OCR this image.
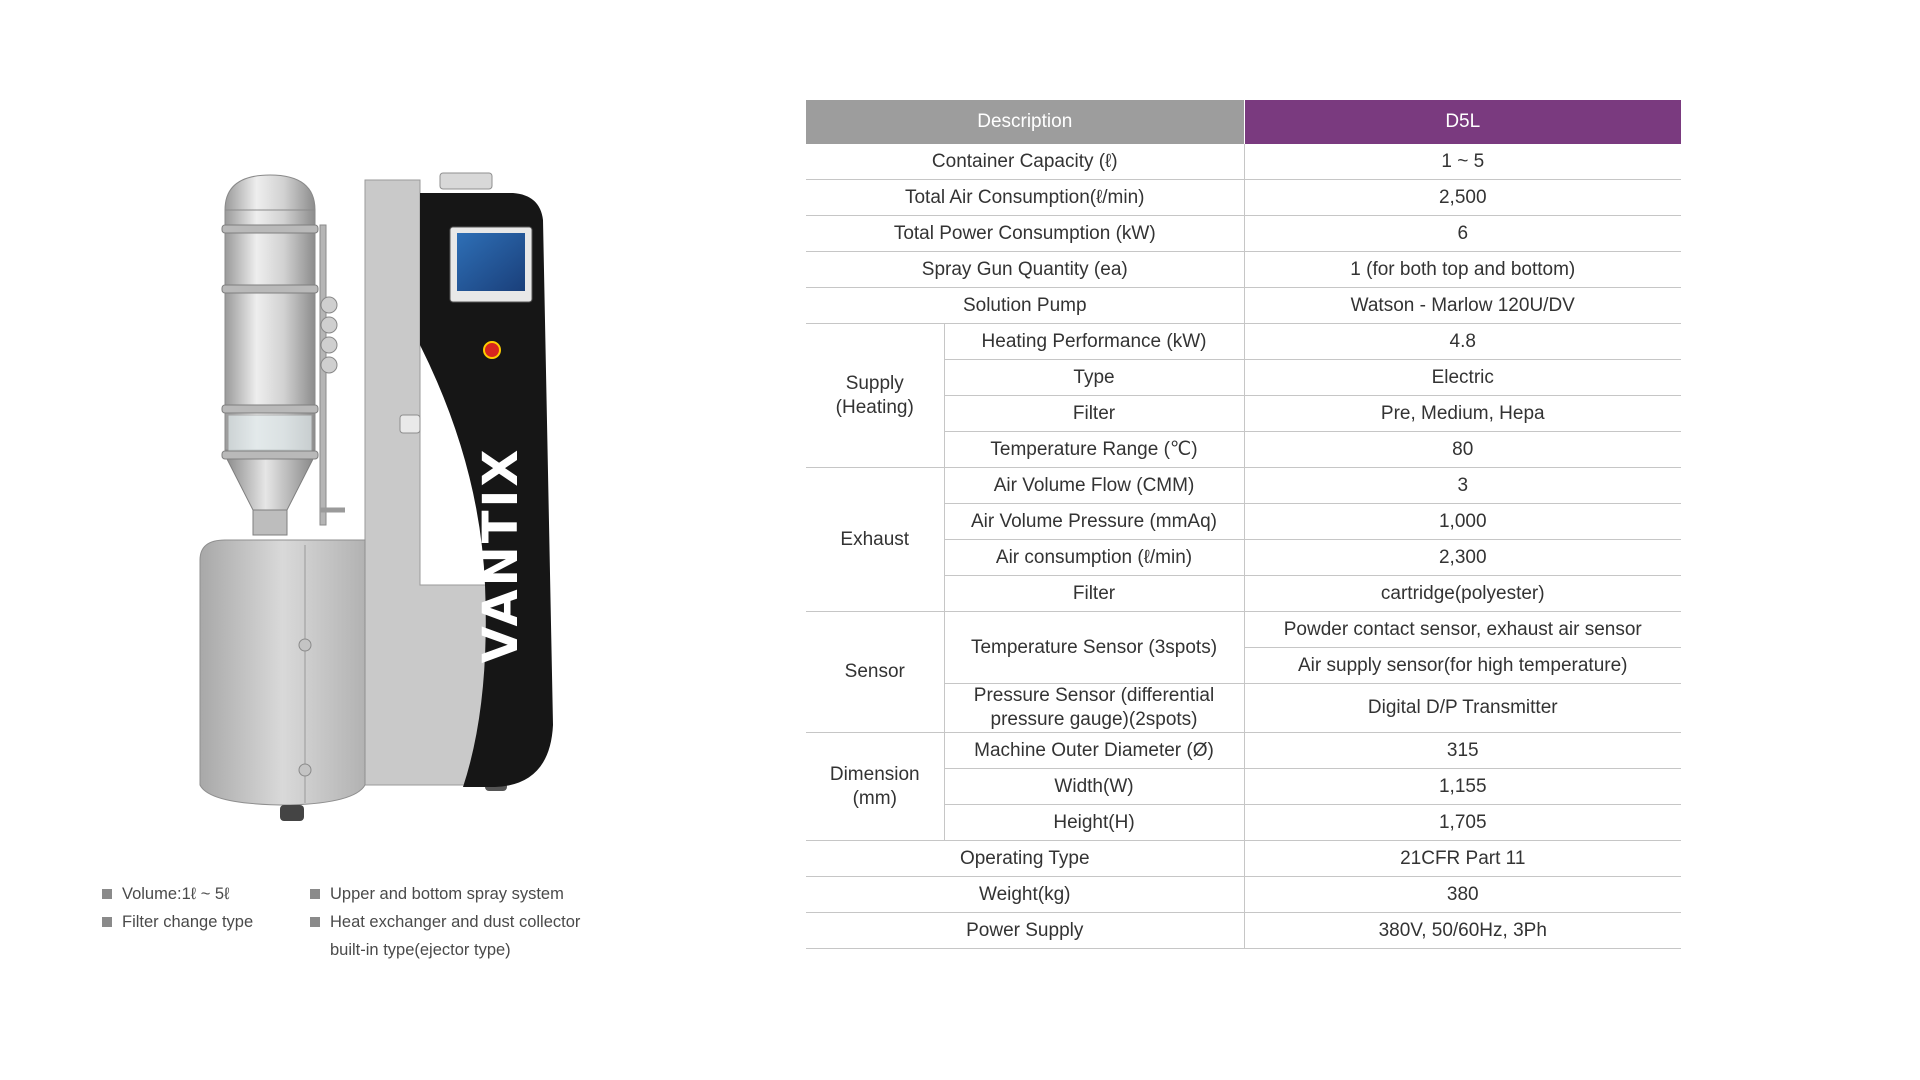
VANTIX
Volume:1ℓ ~ 5ℓ
Filter change type
Upper and bottom spray system
Heat exchanger and dust collector built-in type(ejector type)
Description		D5L
Container Capacity (ℓ)		1 ~ 5
Total Air Consumption(ℓ/min)		2,500
Total Power Consumption (kW)		6
Spray Gun Quantity (ea)		1 (for both top and bottom)
Solution Pump		Watson - Marlow 120U/DV
Supply (Heating)	Heating Performance (kW)	4.8
	Type	Electric
	Filter	Pre, Medium, Hepa
	Temperature Range (℃)	80
Exhaust	Air Volume Flow (CMM)	3
	Air Volume Pressure (mmAq)	1,000
	Air consumption (ℓ/min)	2,300
	Filter	cartridge(polyester)
Sensor	Temperature Sensor (3spots)	Powder contact sensor, exhaust air sensor
		Air supply sensor(for high temperature)
	Pressure Sensor (differential pressure gauge)(2spots)	Digital D/P Transmitter
Dimension (mm)	Machine Outer Diameter (Ø)	315
	Width(W)	1,155
	Height(H)	1,705
Operating Type		21CFR Part 11
Weight(kg)		380
Power Supply		380V, 50/60Hz, 3Ph
